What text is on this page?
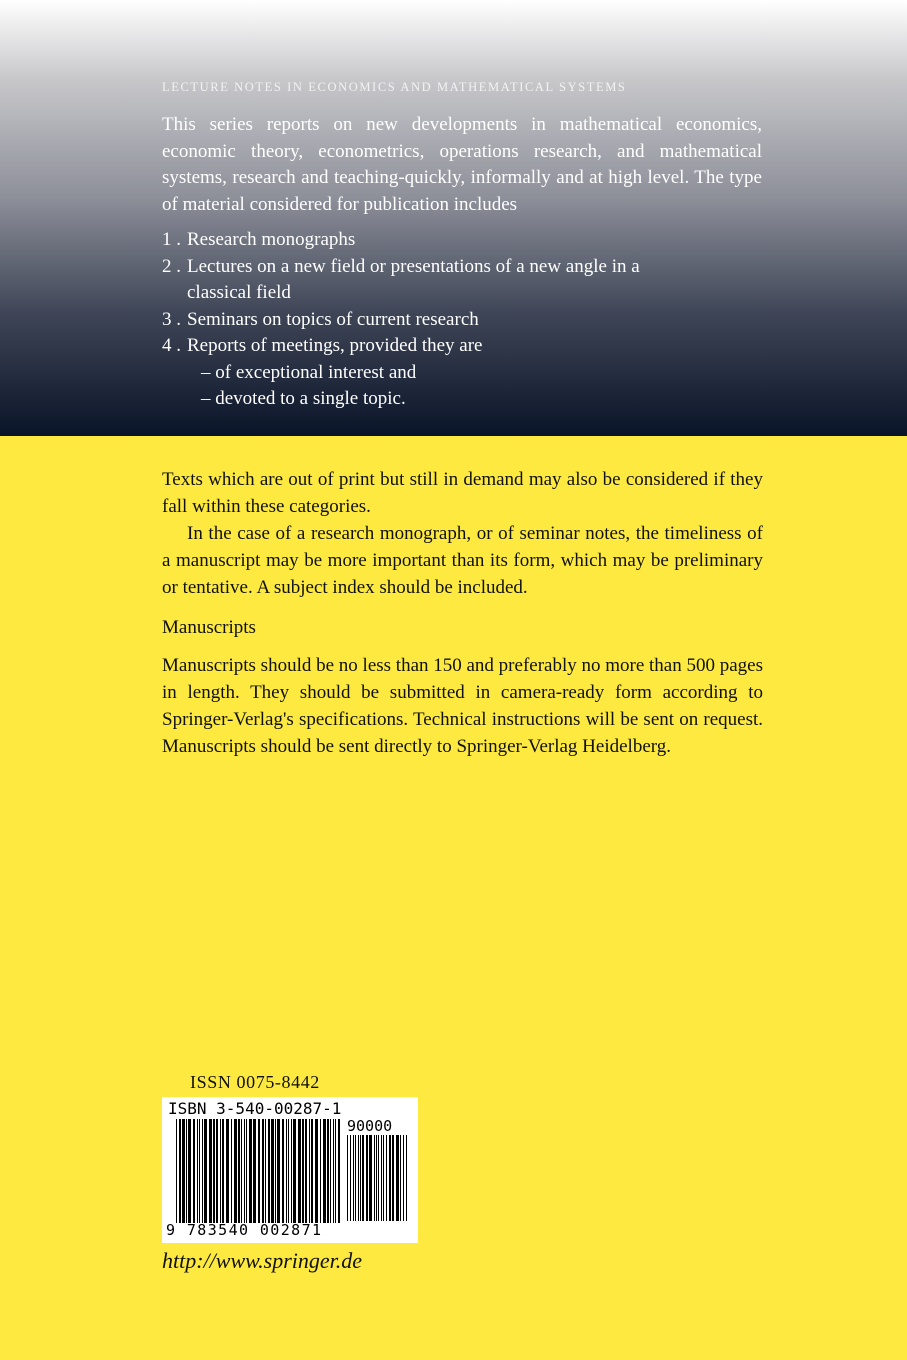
LECTURE NOTES IN ECONOMICS AND MATHEMATICAL SYSTEMS
This series reports on new developments in mathematical economics, economic theory, econometrics, operations research, and mathematical systems, research and teaching-quickly, informally and at high level. The type of material considered for publication includes
1 . Research monographs
2 . Lectures on a new field or presentations of a new angle in a classical field
3 . Seminars on topics of current research
4 . Reports of meetings, provided they are
– of exceptional interest and
– devoted to a single topic.
Texts which are out of print but still in demand may also be considered if they fall within these categories.
In the case of a research monograph, or of seminar notes, the timeliness of a manuscript may be more important than its form, which may be preliminary or tentative. A subject index should be included.
Manuscripts
Manuscripts should be no less than 150 and preferably no more than 500 pages in length. They should be submitted in camera-ready form according to Springer-Verlag's specifications. Technical instructions will be sent on request. Manuscripts should be sent directly to Springer-Verlag Heidelberg.
ISSN 0075-8442
ISBN 3-540-00287-1
90000
9 783540 002871
http://www.springer.de
